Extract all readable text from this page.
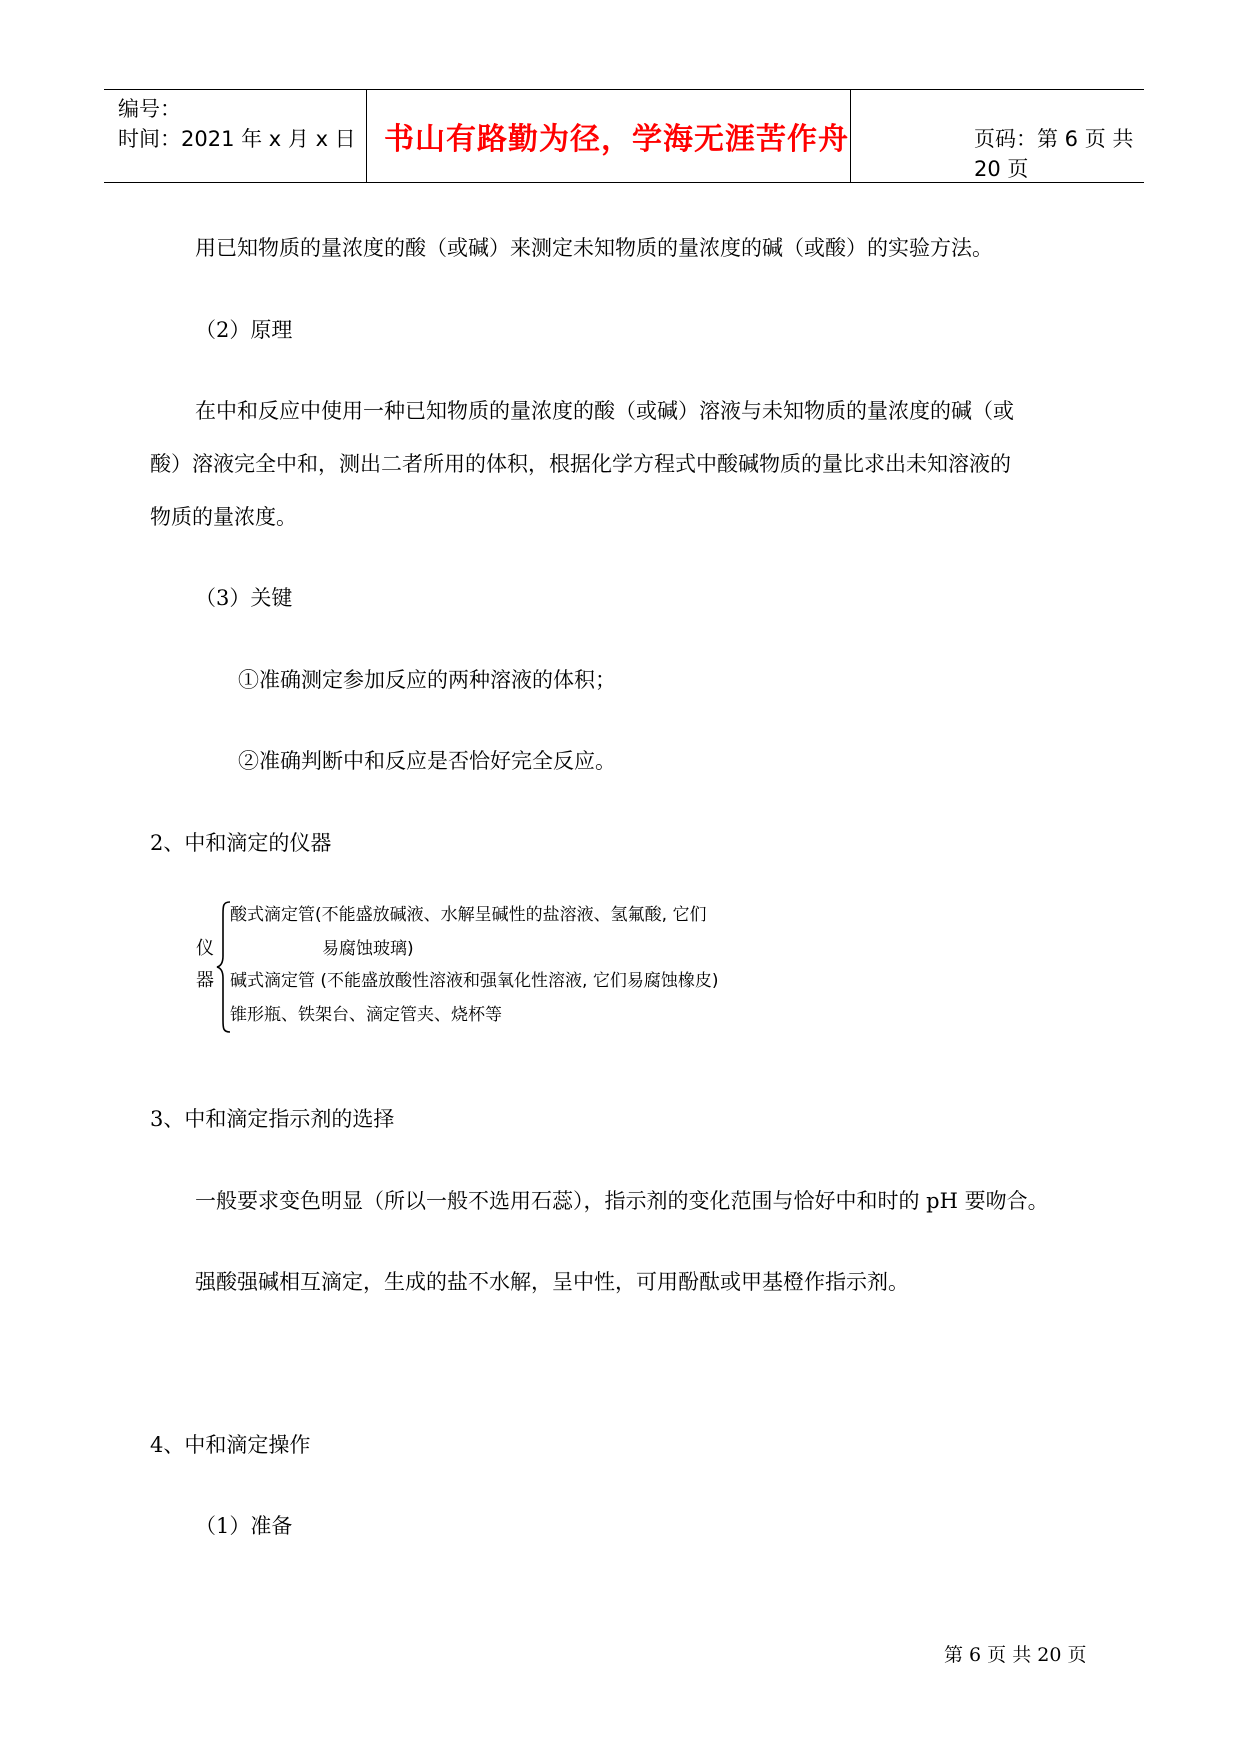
编号：
时间：2021 年 x 月 x 日 书山有路勤为径，学海无涯苦作舟	页码：第 6 页 共 20 页
用已知物质的量浓度的酸（或碱）来测定未知物质的量浓度的碱（或酸）的实验方法。
（2）原理
在中和反应中使用一种已知物质的量浓度的酸（或碱）溶液与未知物质的量浓度的碱（或
酸）溶液完全中和，测出二者所用的体积，根据化学方程式中酸碱物质的量比求出未知溶液的
物质的量浓度。
（3）关键
①准确测定参加反应的两种溶液的体积；
②准确判断中和反应是否恰好完全反应。
2、中和滴定的仪器
仪
器
酸式滴定管(不能盛放碱液、水解呈碱性的盐溶液、氢氟酸, 它们
易腐蚀玻璃)
碱式滴定管 (不能盛放酸性溶液和强氧化性溶液, 它们易腐蚀橡皮)
锥形瓶、铁架台、滴定管夹、烧杯等
3、中和滴定指示剂的选择
一般要求变色明显（所以一般不选用石蕊），指示剂的变化范围与恰好中和时的 pH 要吻合。
强酸强碱相互滴定，生成的盐不水解，呈中性，可用酚酞或甲基橙作指示剂。
4、中和滴定操作
（1）准备
第 6 页 共 20 页
